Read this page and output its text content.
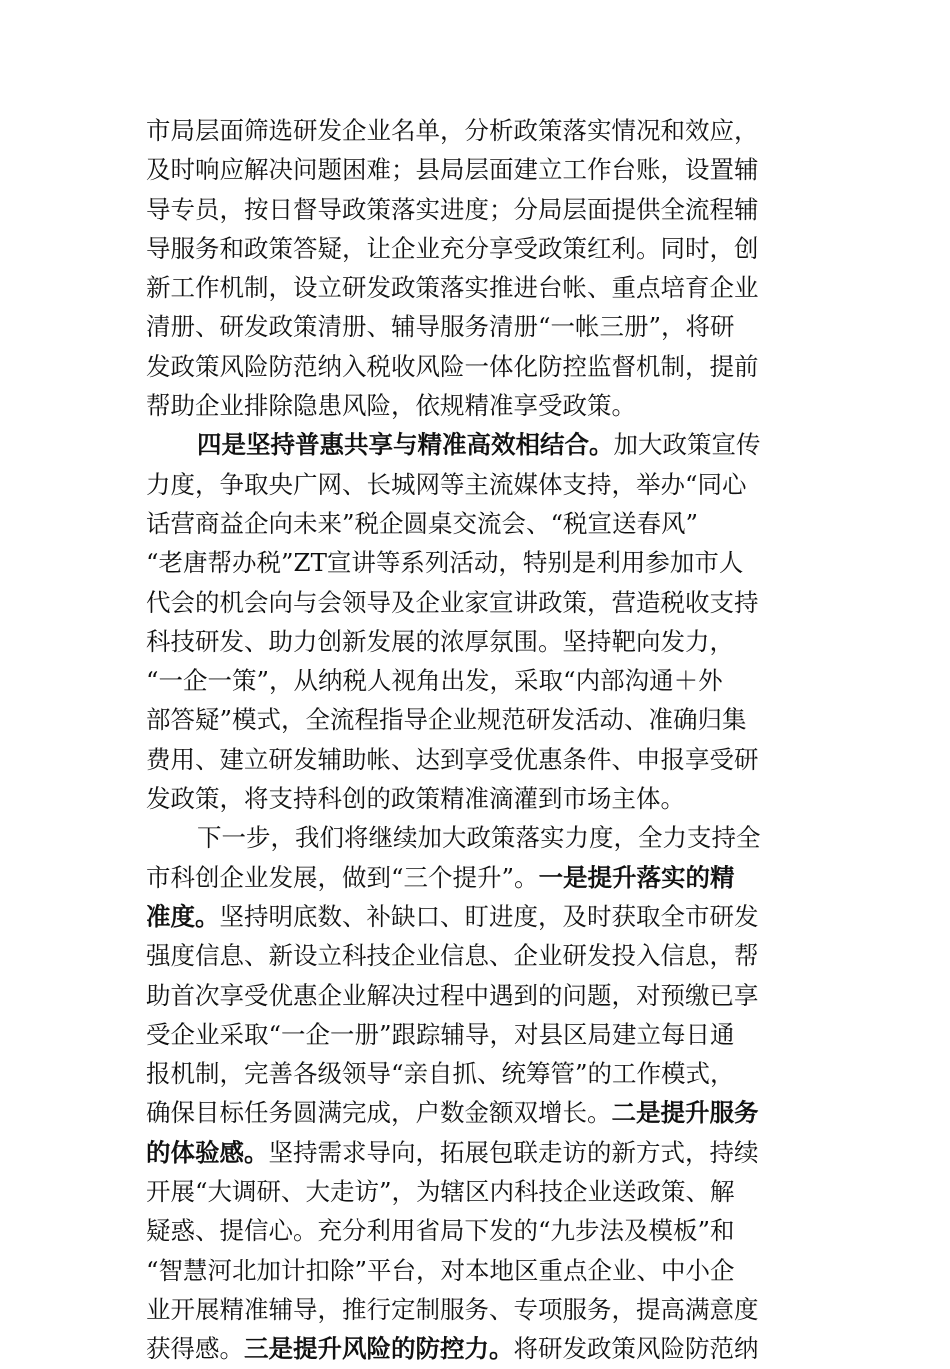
市局层面筛选研发企业名单，分析政策落实情况和效应，
及时响应解决问题困难；县局层面建立工作台账，设置辅
导专员，按日督导政策落实进度；分局层面提供全流程辅
导服务和政策答疑，让企业充分享受政策红利。同时，创
新工作机制，设立研发政策落实推进台帐、重点培育企业
清册、研发政策清册、辅导服务清册“一帐三册”，将研
发政策风险防范纳入税收风险一体化防控监督机制，提前
帮助企业排除隐患风险，依规精准享受政策。
四是坚持普惠共享与精准高效相结合。加大政策宣传
力度，争取央广网、长城网等主流媒体支持，举办“同心
话营商益企向未来”税企圆桌交流会、“税宣送春风”
“老唐帮办税”ZT宣讲等系列活动，特别是利用参加市人
代会的机会向与会领导及企业家宣讲政策，营造税收支持
科技研发、助力创新发展的浓厚氛围。坚持靶向发力，
“一企一策”，从纳税人视角出发，采取“内部沟通＋外
部答疑”模式，全流程指导企业规范研发活动、准确归集
费用、建立研发辅助帐、达到享受优惠条件、申报享受研
发政策，将支持科创的政策精准滴灌到市场主体。
下一步，我们将继续加大政策落实力度，全力支持全
市科创企业发展，做到“三个提升”。一是提升落实的精
准度。坚持明底数、补缺口、盯进度，及时获取全市研发
强度信息、新设立科技企业信息、企业研发投入信息，帮
助首次享受优惠企业解决过程中遇到的问题，对预缴已享
受企业采取“一企一册”跟踪辅导，对县区局建立每日通
报机制，完善各级领导“亲自抓、统筹管”的工作模式，
确保目标任务圆满完成，户数金额双增长。二是提升服务
的体验感。坚持需求导向，拓展包联走访的新方式，持续
开展“大调研、大走访”，为辖区内科技企业送政策、解
疑惑、提信心。充分利用省局下发的“九步法及模板”和
“智慧河北加计扣除”平台，对本地区重点企业、中小企
业开展精准辅导，推行定制服务、专项服务，提高满意度
获得感。三是提升风险的防控力。将研发政策风险防范纳
